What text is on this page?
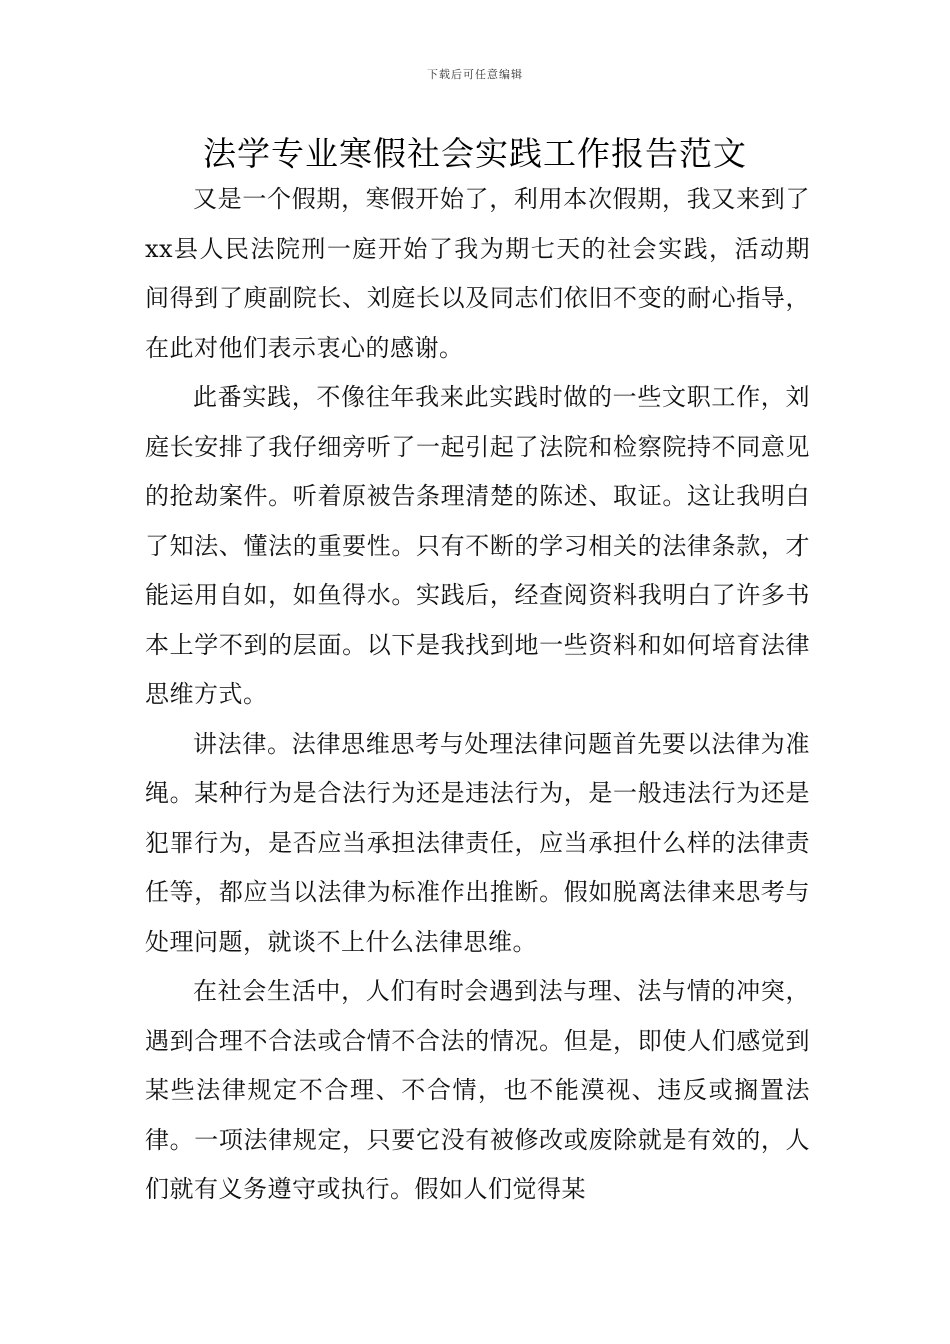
下载后可任意编辑
法学专业寒假社会实践工作报告范文

又是一个假期，寒假开始了，利用本次假期，我又来到了xx县人民法院刑一庭开始了我为期七天的社会实践，活动期间得到了庾副院长、刘庭长以及同志们依旧不变的耐心指导，在此对他们表示衷心的感谢。

此番实践，不像往年我来此实践时做的一些文职工作，刘庭长安排了我仔细旁听了一起引起了法院和检察院持不同意见的抢劫案件。听着原被告条理清楚的陈述、取证。这让我明白了知法、懂法的重要性。只有不断的学习相关的法律条款，才能运用自如，如鱼得水。实践后，经查阅资料我明白了许多书本上学不到的层面。以下是我找到地一些资料和如何培育法律思维方式。

讲法律。法律思维思考与处理法律问题首先要以法律为准绳。某种行为是合法行为还是违法行为，是一般违法行为还是犯罪行为，是否应当承担法律责任，应当承担什么样的法律责任等，都应当以法律为标准作出推断。假如脱离法律来思考与处理问题，就谈不上什么法律思维。

在社会生活中，人们有时会遇到法与理、法与情的冲突，遇到合理不合法或合情不合法的情况。但是，即使人们感觉到某些法律规定不合理、不合情，也不能漠视、违反或搁置法律。一项法律规定，只要它没有被修改或废除就是有效的，人们就有义务遵守或执行。假如人们觉得某
